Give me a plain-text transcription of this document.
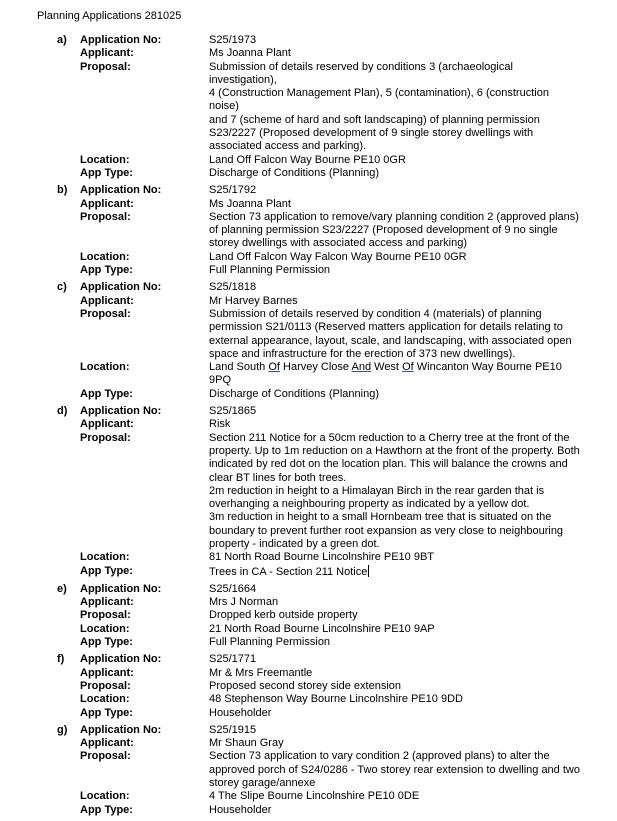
Planning Applications 281025
a)	Application No:	S25/1973
Applicant:	Ms Joanna Plant
Proposal:	Submission of details reserved by conditions 3 (archaeological investigation),
4 (Construction Management Plan), 5 (contamination), 6 (construction noise)
and 7 (scheme of hard and soft landscaping) of planning permission
S23/2227 (Proposed development of 9 single storey dwellings with
associated access and parking).
Location:	Land Off Falcon Way Bourne PE10 0GR
App Type:	Discharge of Conditions (Planning)
b)	Application No:	S25/1792
Applicant:	Ms Joanna Plant
Proposal:	Section 73 application to remove/vary planning condition 2 (approved plans)
of planning permission S23/2227 (Proposed development of 9 no single
storey dwellings with associated access and parking)
Location:	Land Off Falcon Way Falcon Way Bourne PE10 0GR
App Type:	Full Planning Permission
c)	Application No:	S25/1818
Applicant:	Mr Harvey Barnes
Proposal:	Submission of details reserved by condition 4 (materials) of planning
permission S21/0113 (Reserved matters application for details relating to
external appearance, layout, scale, and landscaping, with associated open
space and infrastructure for the erection of 373 new dwellings).
Location:	Land South Of Harvey Close And West Of Wincanton Way Bourne PE10
9PQ
App Type:	Discharge of Conditions (Planning)
d)	Application No:	S25/1865
Applicant:	Risk
Proposal:	Section 211 Notice for a 50cm reduction to a Cherry tree at the front of the
property. Up to 1m reduction on a Hawthorn at the front of the property. Both
indicated by red dot on the location plan. This will balance the crowns and
clear BT lines for both trees.
2m reduction in height to a Himalayan Birch in the rear garden that is
overhanging a neighbouring property as indicated by a yellow dot.
3m reduction in height to a small Hornbeam tree that is situated on the
boundary to prevent further root expansion as very close to neighbouring
property - indicated by a green dot.
Location:	81 North Road Bourne Lincolnshire PE10 9BT
App Type:	Trees in CA - Section 211 Notice
e)	Application No:	S25/1664
Applicant:	Mrs J Norman
Proposal:	Dropped kerb outside property
Location:	21 North Road Bourne Lincolnshire PE10 9AP
App Type:	Full Planning Permission
f)	Application No:	S25/1771
Applicant:	Mr & Mrs Freemantle
Proposal:	Proposed second storey side extension
Location:	48 Stephenson Way Bourne Lincolnshire PE10 9DD
App Type:	Householder
g)	Application No:	S25/1915
Applicant:	Mr Shaun Gray
Proposal:	Section 73 application to vary condition 2 (approved plans) to alter the
approved porch of S24/0286 - Two storey rear extension to dwelling and two
storey garage/annexe
Location:	4 The Slipe Bourne Lincolnshire PE10 0DE
App Type:	Householder
